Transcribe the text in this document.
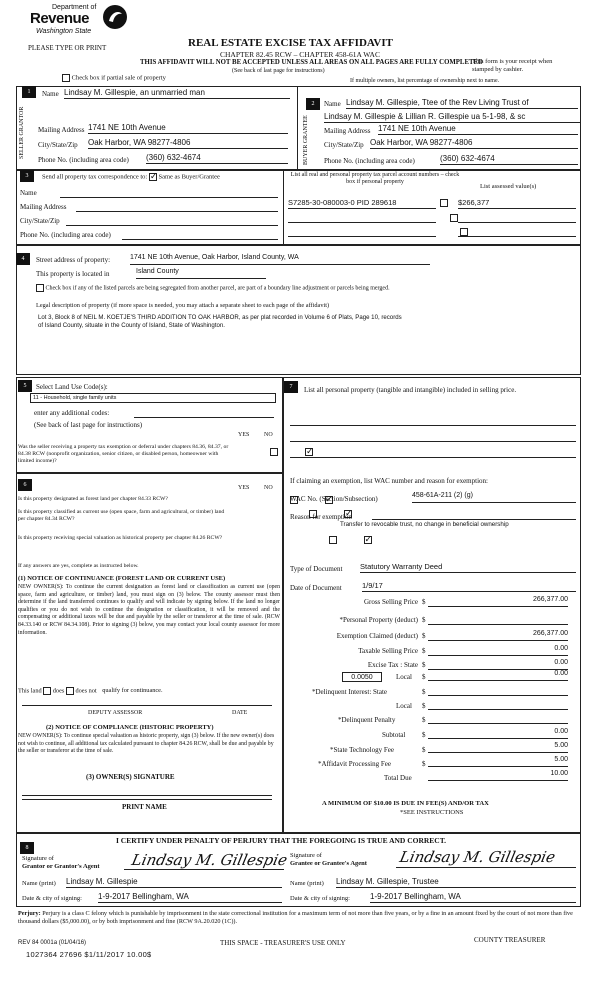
Department of
Revenue
Washington State
PLEASE TYPE OR PRINT	REAL ESTATE EXCISE TAX AFFIDAVIT
CHAPTER 82.45 RCW – CHAPTER 458-61A WAC
THIS AFFIDAVIT WILL NOT BE ACCEPTED UNLESS ALL AREAS ON ALL PAGES ARE FULLY COMPLETED
(See back of last page for instructions)
This form is your receipt when stamped by cashier.
Check box if partial sale of property	If multiple owners, list percentage of ownership next to name.
1
SELLER GRANTOR
Name Lindsay M. Gillespie, an unmarried man
Mailing Address 1741 NE 10th Avenue
City/State/Zip Oak Harbor, WA 98277-4806
Phone No. (including area code) (360) 632-4674
2
BUYER GRANTEE
Name Lindsay M. Gillespie, Ttee of the Rev Living Trust of
Lindsay M. Gillespie & Lillian R. Gillespie ua 5-1-98, & sc
Mailing Address 1741 NE 10th Avenue
City/State/Zip Oak Harbor, WA 98277-4806
Phone No. (including area code)	(360) 632-4674
3	Send all property tax correspondence to: ✓ Same as Buyer/Grantee
Name
Mailing Address
City/State/Zip
Phone No. (including area code)
List all real and personal property tax parcel account numbers – check box if personal property
List assessed value(s)
S7285-30-080003-0 PID 289618
	$266,377

4	Street address of property:	1741 NE 10th Avenue, Oak Harbor, Island County, WA
This property is located in	Island County
Check box if any of the listed parcels are being segregated from another parcel, are part of a boundary line adjustment or parcels being merged.
Legal description of property (if more space is needed, you may attach a separate sheet to each page of the affidavit)
Lot 3, Block 8 of NEIL M. KOETJE'S THIRD ADDITION TO OAK HARBOR, as per plat recorded in Volume 6 of Plats, Page 10, records
of Island County, situate in the County of Island, State of Washington.
5	Select Land Use Code(s):
11 - Household, single family units
enter any additional codes:
(See back of last page for instructions)
YES NO
Was the seller receiving a property tax exemption or deferral under chapters 84.36, 84.37, or 84.38 RCW (nonprofit organization, senior citizen, or disabled person, homeowner with limited income)?
✓
6	YES NO
Is this property designated as forest land per chapter 84.33 RCW?
✓
Is this property classified as current use (open space, farm and agricultural, or timber) land per chapter 84.34 RCW?
✓
Is this property receiving special valuation as historical property per chapter 84.26 RCW?
✓
If any answers are yes, complete as instructed below.
(1) NOTICE OF CONTINUANCE (FOREST LAND OR CURRENT USE)
NEW OWNER(S): To continue the current designation as forest land or classification as current use (open space, farm and agriculture, or timber) land, you must sign on (3) below. The county assessor must then determine if the land transferred continues to qualify and will indicate by signing below. If the land no longer qualifies or you do not wish to continue the designation or classification, it will be removed and the compensating or additional taxes will be due and payable by the seller or transferor at the time of sale. (RCW 84.33.140 or RCW 84.34.108). Prior to signing (3) below, you may contact your local county assessor for more information.
This land does does not qualify for continuance.
DEPUTY ASSESSOR	DATE
(2) NOTICE OF COMPLIANCE (HISTORIC PROPERTY)
NEW OWNER(S): To continue special valuation as historic property, sign (3) below. If the new owner(s) does not wish to continue, all additional tax calculated pursuant to chapter 84.26 RCW, shall be due and payable by the seller or transferor at the time of sale.
(3) OWNER(S) SIGNATURE
PRINT NAME
7	List all personal property (tangible and intangible) included in selling price.
If claiming an exemption, list WAC number and reason for exemption:
WAC No. (Section/Subsection)	458-61A-211 (2) (g)
Reason for exemption
Transfer to revocable trust, no change in beneficial ownership
Type of Document Statutory Warranty Deed
Date of Document	1/9/17
Gross Selling Price $	266,377.00
*Personal Property (deduct) $
Exemption Claimed (deduct) $	266,377.00
Taxable Selling Price $	0.00
Excise Tax : State $	0.00
0.0050	Local $	0.00
*Delinquent Interest: State	$
Local $
*Delinquent Penalty	$
Subtotal $	0.00
*State Technology Fee	$
5.00
*Affidavit Processing Fee	$
5.00
Total Due
10.00
A MINIMUM OF $10.00 IS DUE IN FEE(S) AND/OR TAX
*SEE INSTRUCTIONS
8
I CERTIFY UNDER PENALTY OF PERJURY THAT THE FOREGOING IS TRUE AND CORRECT.
Signature of
Grantor or Grantor's Agent Lindsay M. Gillespie
Name (print) Lindsay M. Gillespie
Date & city of signing: 1-9-2017 Bellingham, WA
Signature of
Grantee or Grantee's Agent Lindsay M. Gillespie
Name (print) Lindsay M. Gillespie, Trustee
Date & city of signing:	1-9-2017 Bellingham, WA
Perjury: Perjury is a class C felony which is punishable by imprisonment in the state correctional institution for a maximum term of not more than five years, or by a fine in an amount fixed by the court of not more than five thousand dollars ($5,000.00), or by both imprisonment and fine (RCW 9A.20.020 (1C)).
REV 84 0001a (01/04/16)
1027364 27696 $1/11/2017 10.00$
THIS SPACE - TREASURER'S USE ONLY	COUNTY TREASURER
